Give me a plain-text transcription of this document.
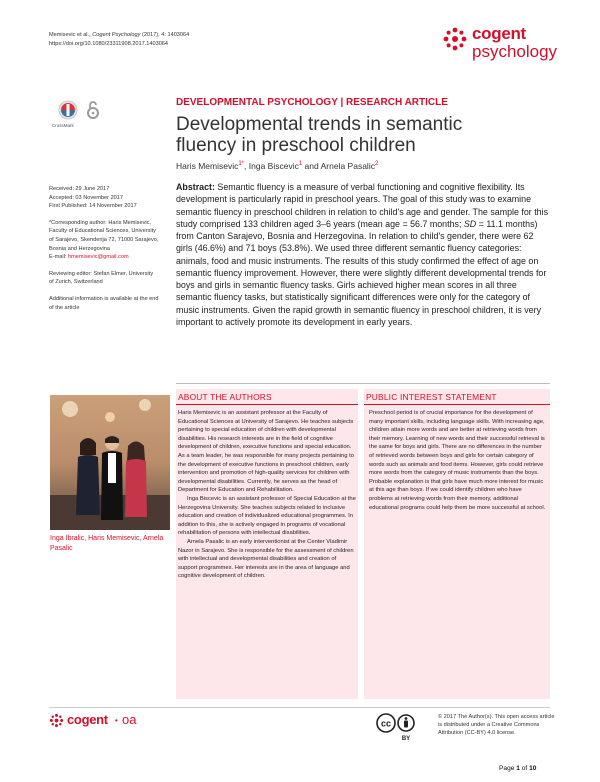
Memisevic et al., Cogent Psychology (2017), 4: 1403064
https://doi.org/10.1080/23311908.2017.1403064
cogent
psychology
CrossMark
DEVELOPMENTAL PSYCHOLOGY | RESEARCH ARTICLE
Developmental trends in semantic fluency in preschool children
Haris Memisevic$^{1*}$, Inga Biscevic$^1$ and Arnela Pasalic$^2$
Abstract: Semantic fluency is a measure of verbal functioning and cognitive flexibility. Its development is particularly rapid in preschool years. The goal of this study was to examine semantic fluency in preschool children in relation to child's age and gender. The sample for this study comprised 133 children aged 3–6 years (mean age = 56.7 months; SD = 11.1 months) from Canton Sarajevo, Bosnia and Herzegovina. In relation to child's gender, there were 62 girls (46.6%) and 71 boys (53.8%). We used three different semantic fluency categories: animals, food and music instruments. The results of this study confirmed the effect of age on semantic fluency improvement. However, there were slightly different developmental trends for boys and girls in semantic fluency tasks. Girls achieved higher mean scores in all three semantic fluency tasks, but statistically significant differences were only for the category of music instruments. Given the rapid growth in semantic fluency in preschool children, it is very important to actively promote its development in early years.

Received: 29 June 2017
Accepted: 03 November 2017
First Published: 14 November 2017

*Corresponding author: Haris Memisevic, Faculty of Educational Sciences, University of Sarajevo, Skenderija 72, 71000 Sarajevo, Bosnia and Herzegovina
E-mail: hmemisevic@gmail.com

Reviewing editor: Stefan Elmer, University of Zurich, Switzerland

Additional information is available at the end of the article

Inga Ibralic, Haris Memisevic, Arnela Pasalic
ABOUT THE AUTHORS

Haris Memisevic is an assistant professor at the Faculty of Educational Sciences at University of Sarajevo. He teaches subjects pertaining to special education of children with developmental disabilities. His research interests are in the field of cognitive development of children, executive functions and special education. As a team leader, he was responsible for many projects pertaining to the development of executive functions in preschool children, early intervention and promotion of high-quality services for children with developmental disabilities. Currently, he serves as the head of Department for Education and Rehabilitation.

Inga Biscevic is an assistant professor of Special Education at the Herzegovina University. She teaches subjects related to inclusive education and creation of individualized educational programmes. In addition to this, she is actively engaged in programs of vocational rehabilitation of persons with intellectual disabilities.

Arnela Pasalic is an early interventionist at the Center Vladimir Nazor in Sarajevo. She is responsible for the assessment of children with intellectual and developmental disabilities and creation of support programmes. Her interests are in the area of language and cognitive development of children.

PUBLIC INTEREST STATEMENT

Preschool period is of crucial importance for the development of many important skills, including language skills. With increasing age, children attain more words and are better at retrieving words from their memory. Learning of new words and their successful retrieval is the same for boys and girls. There are no differences in the number of retrieved words between boys and girls for certain category of words such as animals and food items. However, girls could retrieve more words from the category of music instruments than the boys. Probable explanation is that girls have much more interest for music at this age than boys. If we could identify children who have problems at retrieving words from their memory, additional educational programs could help them be more successful at school.

cogent • oa	cc
BY
© 2017 The Author(s). This open access article is distributed under a Creative Commons Attribution (CC-BY) 4.0 license.
Page 1 of 10
